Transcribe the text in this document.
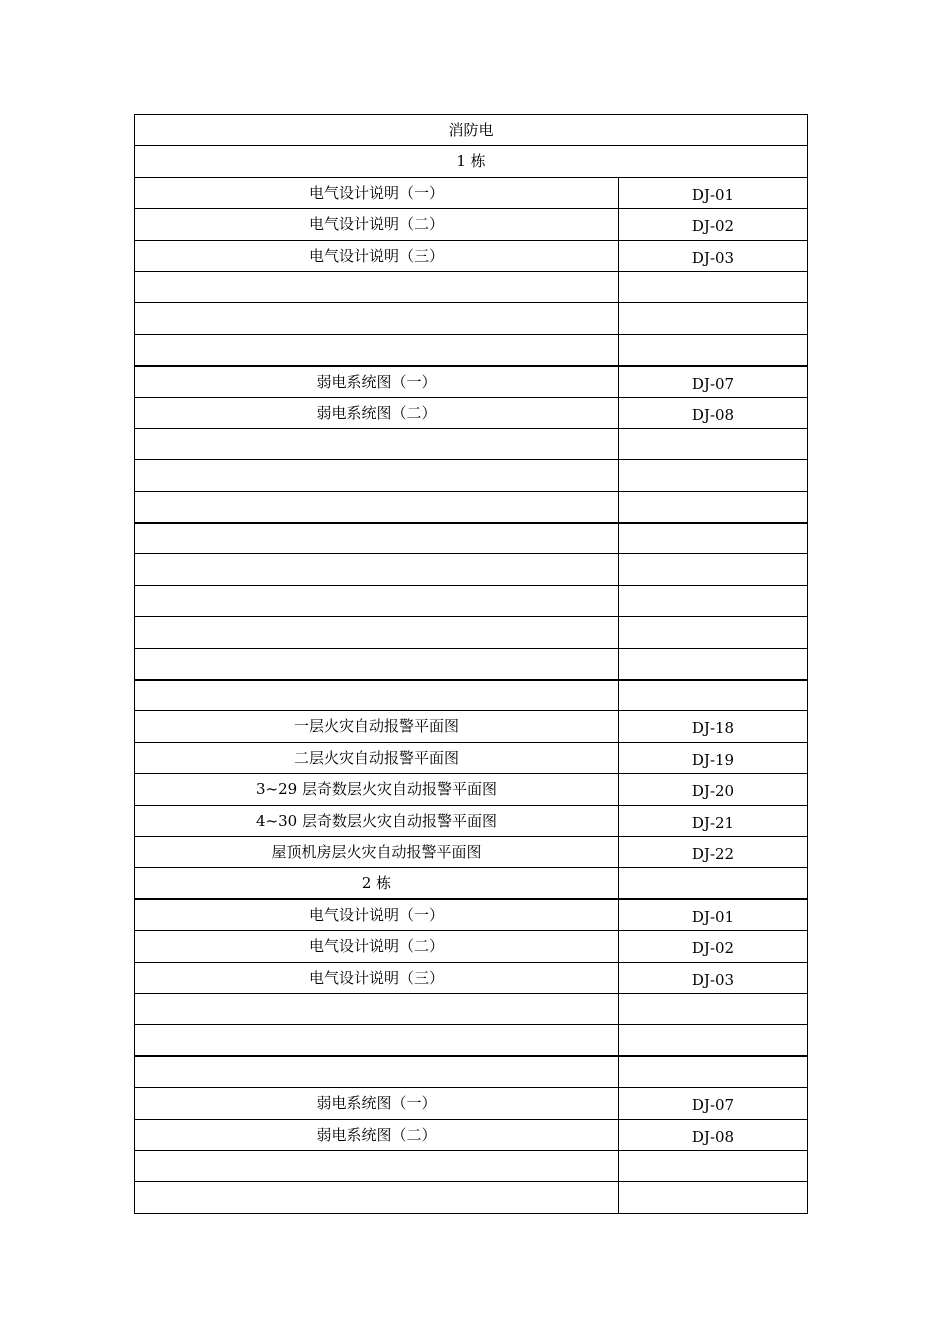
消防电	
1 栋	
电气设计说明（一）	DJ-01
电气设计说明（二）	DJ-02
电气设计说明（三）	DJ-03

弱电系统图（一）	DJ-07
弱电系统图（二）	DJ-08

一层火灾自动报警平面图	DJ-18
二层火灾自动报警平面图	DJ-19
3~29 层奇数层火灾自动报警平面图	DJ-20
4~30 层奇数层火灾自动报警平面图	DJ-21
屋顶机房层火灾自动报警平面图	DJ-22
2 栋	
电气设计说明（一）	DJ-01
电气设计说明（二）	DJ-02
电气设计说明（三）	DJ-03

弱电系统图（一）	DJ-07
弱电系统图（二）	DJ-08
